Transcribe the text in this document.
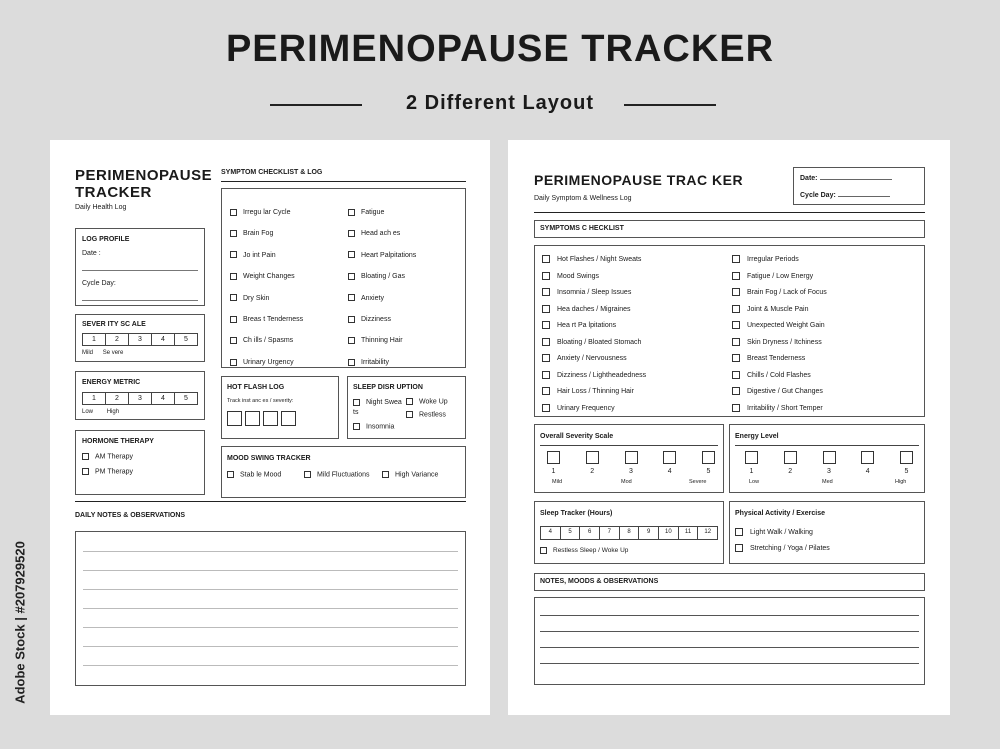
PERIMENOPAUSE TRACKER
2 Different Layout
Adobe Stock | #207929520
PERIMENOPAUSE TRACKER
Daily Health Log
LOG PROFILE
Date :
Cycle Day:
SEVER ITY SC ALE
1	2	3	4	5
Mild Se vere
ENERGY METRIC
1	2	3	4	5
Low High
HORMONE THERAPY
AM Therapy
PM Therapy
SYMPTOM CHECKLIST & LOG
Irregu lar Cycle
Brain Fog
Jo int Pain
Weight Changes
Dry Skin
Breas t Tenderness
Ch ills / Spasms
Urinary Urgency
Fatigue
Head ach es
Heart Palpitations
Bloating / Gas
Anxiety
Dizziness
Thinning Hair
Irritability
HOT FLASH LOG
Track inst anc es / severity:
SLEEP DISR UPTION
Night Swea ts
Woke Up
Restless
Insomnia
MOOD SWING TRACKER
Stab le Mood	Mild Fluctuations	High Variance
DAILY NOTES & OBSERVATIONS
PERIMENOPAUSE TRAC KER
Daily Symptom & Wellness Log
Date:
Cycle Day:
SYMPTOMS C HECKLIST
Hot Flashes / Night Sweats
Mood Swings
Insomnia / Sleep Issues
Hea daches / Migraines
Hea rt Pa lpitations
Bloating / Bloated Stomach
Anxiety / Nervousness
Dizziness / Lightheadedness
Hair Loss / Thinning Hair
Urinary Frequency
Irregular Periods
Fatigue / Low Energy
Brain Fog / Lack of Focus
Joint & Muscle Pain
Unexpected Weight Gain
Skin Dryness / Itchiness
Breast Tenderness
Chills / Cold Flashes
Digestive / Gut Changes
Irritability / Short Temper
Overall Severity Scale
1	2	3	4	5
Mild	Mod	Severe
Energy Level
1	2	3	4	5
Low	Med	High
Sleep Tracker (Hours)
4	5	6	7	8	9	10	11	12
Restless Sleep / Woke Up
Physical Activity / Exercise
Light Walk / Walking
Stretching / Yoga / Pilates
NOTES, MOODS & OBSERVATIONS
